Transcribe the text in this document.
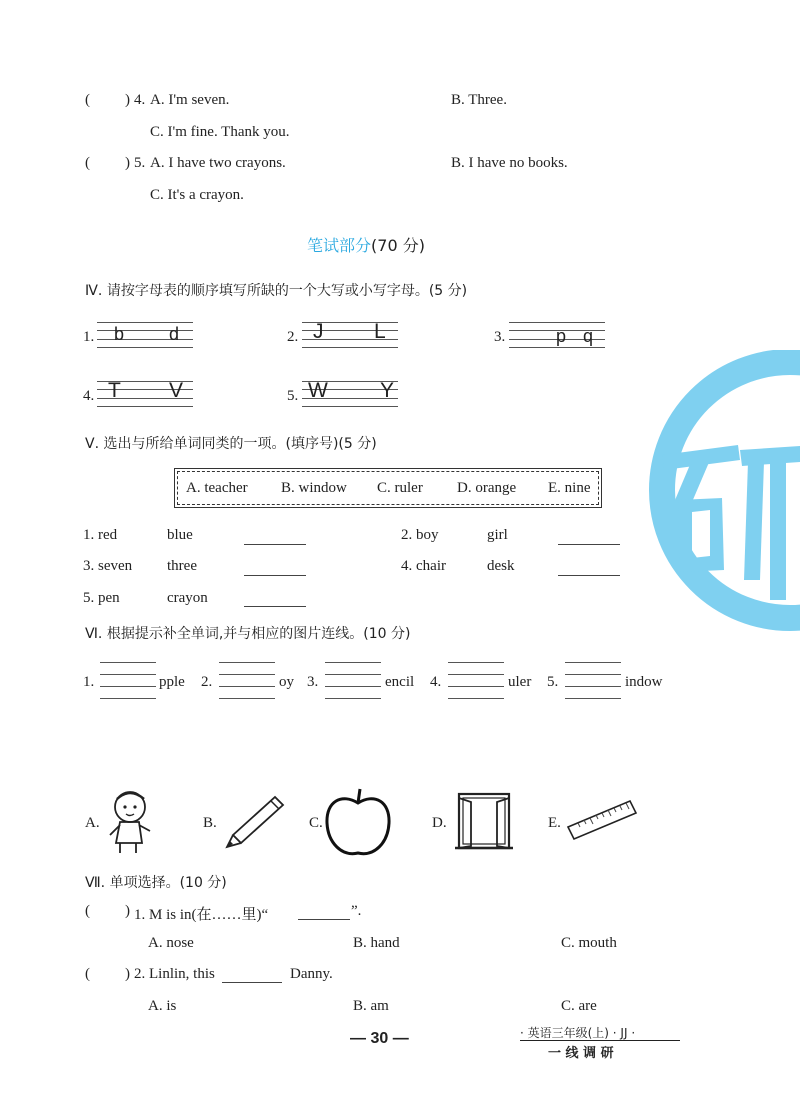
( ) 4. A. I'm seven.	B. Three.
C. I'm fine. Thank you.
( ) 5. A. I have two crayons.	B. I have no books.
C. It's a crayon.
笔试部分(70 分)
Ⅳ. 请按字母表的顺序填写所缺的一个大写或小写字母。(5 分)
1. b d	2. J L	3.	p q
4. T V	5. W Y
Ⅴ. 选出与所给单词同类的一项。(填序号)(5 分)
A. teacher B. window C. ruler D. orange E. nine
1. red	blue	2. boy	girl
3. seven three	4. chair	desk
5. pen	crayon
Ⅵ. 根据提示补全单词,并与相应的图片连线。(10 分)
1.	pple 2.	oy 3.	encil 4.	uler 5.	indow
A.	B.	C.	D.	E.
Ⅶ. 单项选择。(10 分)
( ) 1. M is in(在……里)“	”.
A. nose	B. hand	C. mouth
( ) 2. Linlin, this	Danny.
A. is	B. am	C. are
— 30 —	· 英语三年级(上) · JJ ·
一 线 调 研
